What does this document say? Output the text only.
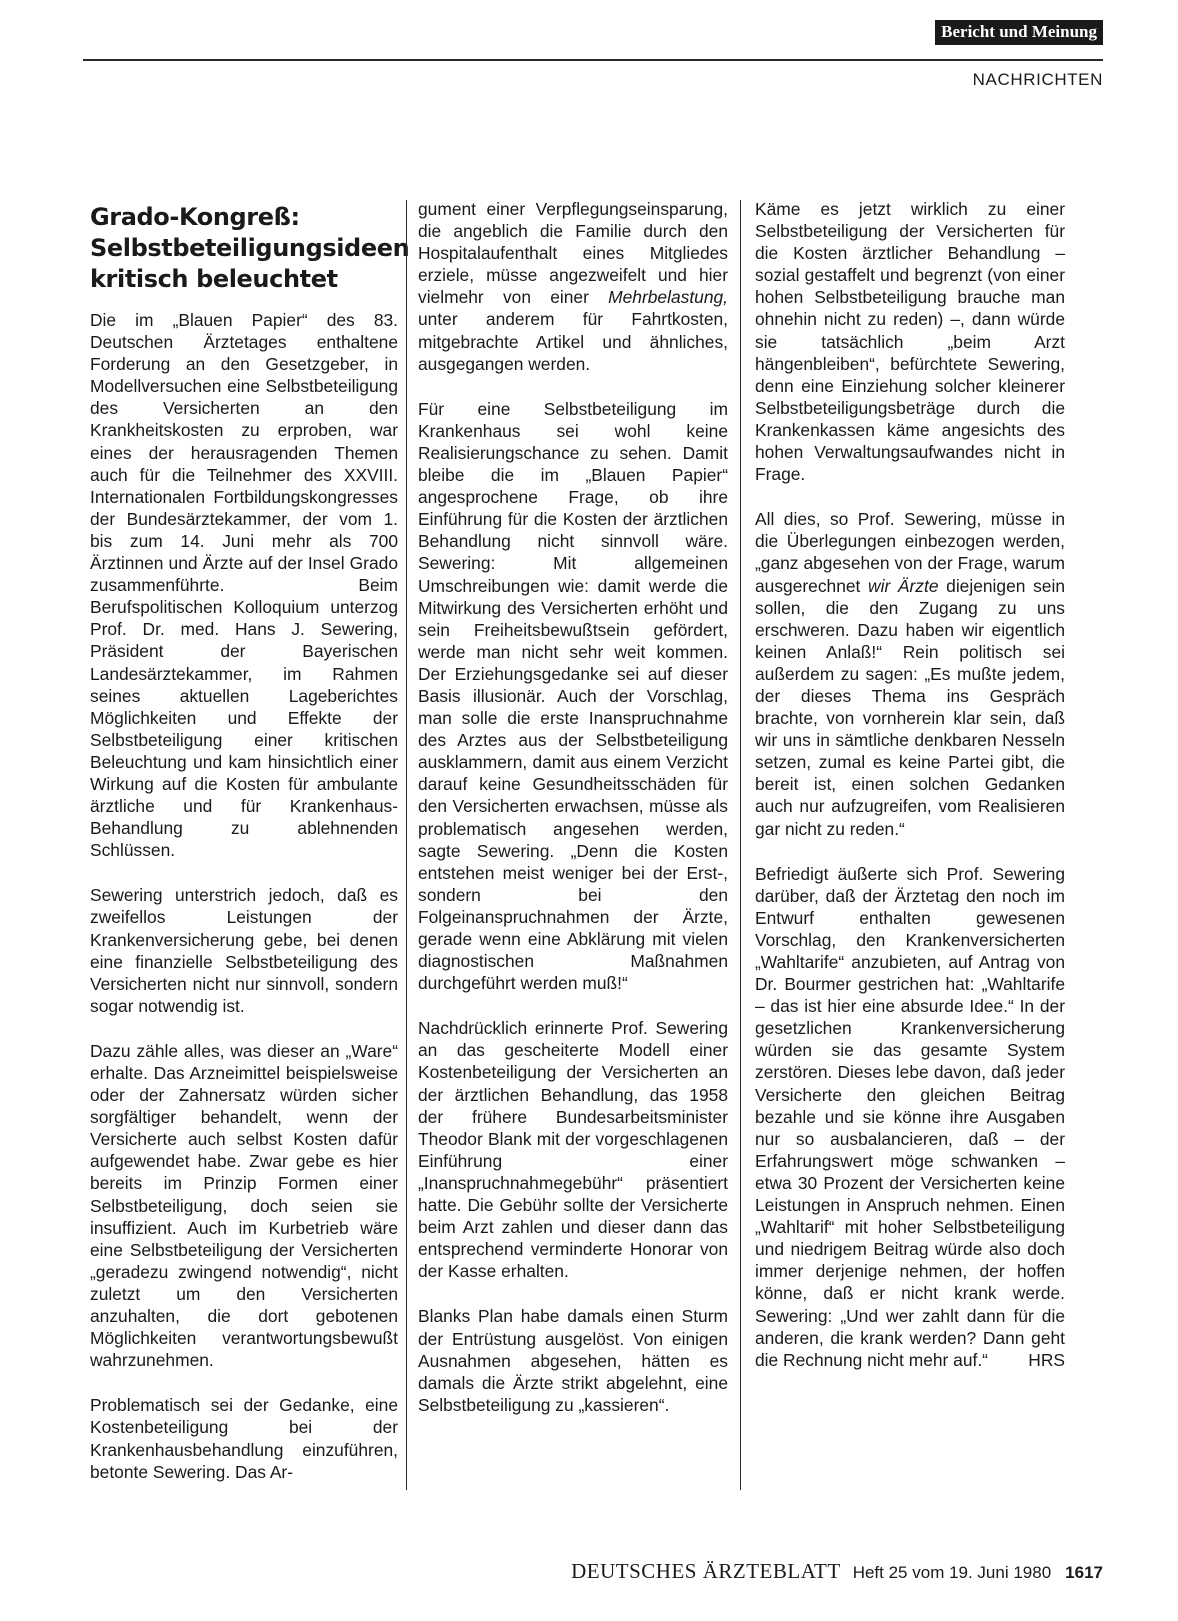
Bericht und Meinung
NACHRICHTEN
Grado-Kongreß:
Selbstbeteiligungsideen
kritisch beleuchtet

Die im „Blauen Papier“ des 83. Deutschen Ärztetages enthaltene Forderung an den Gesetzgeber, in Modellversuchen eine Selbstbeteiligung des Versicherten an den Krankheitskosten zu erproben, war eines der herausragenden Themen auch für die Teilnehmer des XXVIII. Internationalen Fortbildungskongresses der Bundesärztekammer, der vom 1. bis zum 14. Juni mehr als 700 Ärztinnen und Ärzte auf der Insel Grado zusammenführte. Beim Berufspolitischen Kolloquium unterzog Prof. Dr. med. Hans J. Sewering, Präsident der Bayerischen Landesärztekammer, im Rahmen seines aktuellen Lageberichtes Möglichkeiten und Effekte der Selbstbeteiligung einer kritischen Beleuchtung und kam hinsichtlich einer Wirkung auf die Kosten für ambulante ärztliche und für Krankenhaus-Behandlung zu ablehnenden Schlüssen.

Sewering unterstrich jedoch, daß es zweifellos Leistungen der Krankenversicherung gebe, bei denen eine finanzielle Selbstbeteiligung des Versicherten nicht nur sinnvoll, sondern sogar notwendig ist.

Dazu zähle alles, was dieser an „Ware“ erhalte. Das Arzneimittel beispielsweise oder der Zahnersatz würden sicher sorgfältiger behandelt, wenn der Versicherte auch selbst Kosten dafür aufgewendet habe. Zwar gebe es hier bereits im Prinzip Formen einer Selbstbeteiligung, doch seien sie insuffizient. Auch im Kurbetrieb wäre eine Selbstbeteiligung der Versicherten „geradezu zwingend notwendig“, nicht zuletzt um den Versicherten anzuhalten, die dort gebotenen Möglichkeiten verantwortungsbewußt wahrzunehmen.

Problematisch sei der Gedanke, eine Kostenbeteiligung bei der Krankenhausbehandlung einzuführen, betonte Sewering. Das Ar-

gument einer Verpflegungseinsparung, die angeblich die Familie durch den Hospitalaufenthalt eines Mitgliedes erziele, müsse angezweifelt und hier vielmehr von einer Mehrbelastung, unter anderem für Fahrtkosten, mitgebrachte Artikel und ähnliches, ausgegangen werden.

Für eine Selbstbeteiligung im Krankenhaus sei wohl keine Realisierungschance zu sehen. Damit bleibe die im „Blauen Papier“ angesprochene Frage, ob ihre Einführung für die Kosten der ärztlichen Behandlung nicht sinnvoll wäre. Sewering: Mit allgemeinen Umschreibungen wie: damit werde die Mitwirkung des Versicherten erhöht und sein Freiheitsbewußtsein gefördert, werde man nicht sehr weit kommen. Der Erziehungsgedanke sei auf dieser Basis illusionär. Auch der Vorschlag, man solle die erste Inanspruchnahme des Arztes aus der Selbstbeteiligung ausklammern, damit aus einem Verzicht darauf keine Gesundheitsschäden für den Versicherten erwachsen, müsse als problematisch angesehen werden, sagte Sewering. „Denn die Kosten entstehen meist weniger bei der Erst-, sondern bei den Folgeinanspruchnahmen der Ärzte, gerade wenn eine Abklärung mit vielen diagnostischen Maßnahmen durchgeführt werden muß!“

Nachdrücklich erinnerte Prof. Sewering an das gescheiterte Modell einer Kostenbeteiligung der Versicherten an der ärztlichen Behandlung, das 1958 der frühere Bundesarbeitsminister Theodor Blank mit der vorgeschlagenen Einführung einer „Inanspruchnahmegebühr“ präsentiert hatte. Die Gebühr sollte der Versicherte beim Arzt zahlen und dieser dann das entsprechend verminderte Honorar von der Kasse erhalten.

Blanks Plan habe damals einen Sturm der Entrüstung ausgelöst. Von einigen Ausnahmen abgesehen, hätten es damals die Ärzte strikt abgelehnt, eine Selbstbeteiligung zu „kassieren“.

Käme es jetzt wirklich zu einer Selbstbeteiligung der Versicherten für die Kosten ärztlicher Behandlung – sozial gestaffelt und begrenzt (von einer hohen Selbstbeteiligung brauche man ohnehin nicht zu reden) –, dann würde sie tatsächlich „beim Arzt hängenbleiben“, befürchtete Sewering, denn eine Einziehung solcher kleinerer Selbstbeteiligungsbeträge durch die Krankenkassen käme angesichts des hohen Verwaltungsaufwandes nicht in Frage.

All dies, so Prof. Sewering, müsse in die Überlegungen einbezogen werden, „ganz abgesehen von der Frage, warum ausgerechnet wir Ärzte diejenigen sein sollen, die den Zugang zu uns erschweren. Dazu haben wir eigentlich keinen Anlaß!“ Rein politisch sei außerdem zu sagen: „Es mußte jedem, der dieses Thema ins Gespräch brachte, von vornherein klar sein, daß wir uns in sämtliche denkbaren Nesseln setzen, zumal es keine Partei gibt, die bereit ist, einen solchen Gedanken auch nur aufzugreifen, vom Realisieren gar nicht zu reden.“

Befriedigt äußerte sich Prof. Sewering darüber, daß der Ärztetag den noch im Entwurf enthalten gewesenen Vorschlag, den Krankenversicherten „Wahltarife“ anzubieten, auf Antrag von Dr. Bourmer gestrichen hat: „Wahltarife – das ist hier eine absurde Idee.“ In der gesetzlichen Krankenversicherung würden sie das gesamte System zerstören. Dieses lebe davon, daß jeder Versicherte den gleichen Beitrag bezahle und sie könne ihre Ausgaben nur so ausbalancieren, daß – der Erfahrungswert möge schwanken – etwa 30 Prozent der Versicherten keine Leistungen in Anspruch nehmen. Einen „Wahltarif“ mit hoher Selbstbeteiligung und niedrigem Beitrag würde also doch immer derjenige nehmen, der hoffen könne, daß er nicht krank werde. Sewering: „Und wer zahlt dann für die anderen, die krank werden? Dann geht die Rechnung nicht mehr auf.“ HRS

DEUTSCHES ÄRZTEBLATT Heft 25 vom 19. Juni 1980 1617
